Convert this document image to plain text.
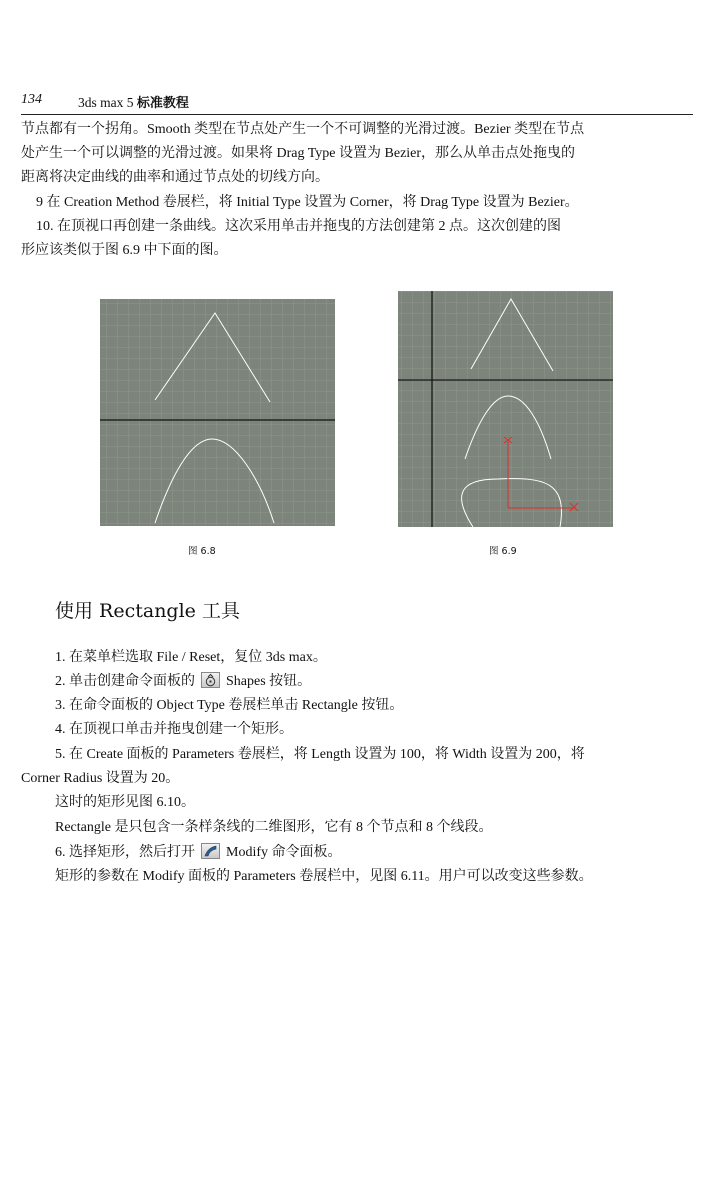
134	3ds max 5 标准教程
节点都有一个拐角。Smooth 类型在节点处产生一个不可调整的光滑过渡。Bezier 类型在节点
处产生一个可以调整的光滑过渡。如果将 Drag Type 设置为 Bezier，那么从单击点处拖曳的
距离将决定曲线的曲率和通过节点处的切线方向。
9 在 Creation Method 卷展栏，将 Initial Type 设置为 Corner，将 Drag Type 设置为 Bezier。
10. 在顶视口再创建一条曲线。这次采用单击并拖曳的方法创建第 2 点。这次创建的图
形应该类似于图 6.9 中下面的图。
图 6.8	图 6.9
使用 Rectangle 工具
1. 在菜单栏选取 File / Reset，复位 3ds max。
2. 单击创建命令面板的 Shapes 按钮。
3. 在命令面板的 Object Type 卷展栏单击 Rectangle 按钮。
4. 在顶视口单击并拖曳创建一个矩形。
5. 在 Create 面板的 Parameters 卷展栏，将 Length 设置为 100，将 Width 设置为 200，将
Corner Radius 设置为 20。
这时的矩形见图 6.10。
Rectangle 是只包含一条样条线的二维图形，它有 8 个节点和 8 个线段。
6. 选择矩形，然后打开 Modify 命令面板。
矩形的参数在 Modify 面板的 Parameters 卷展栏中，见图 6.11。用户可以改变这些参数。
